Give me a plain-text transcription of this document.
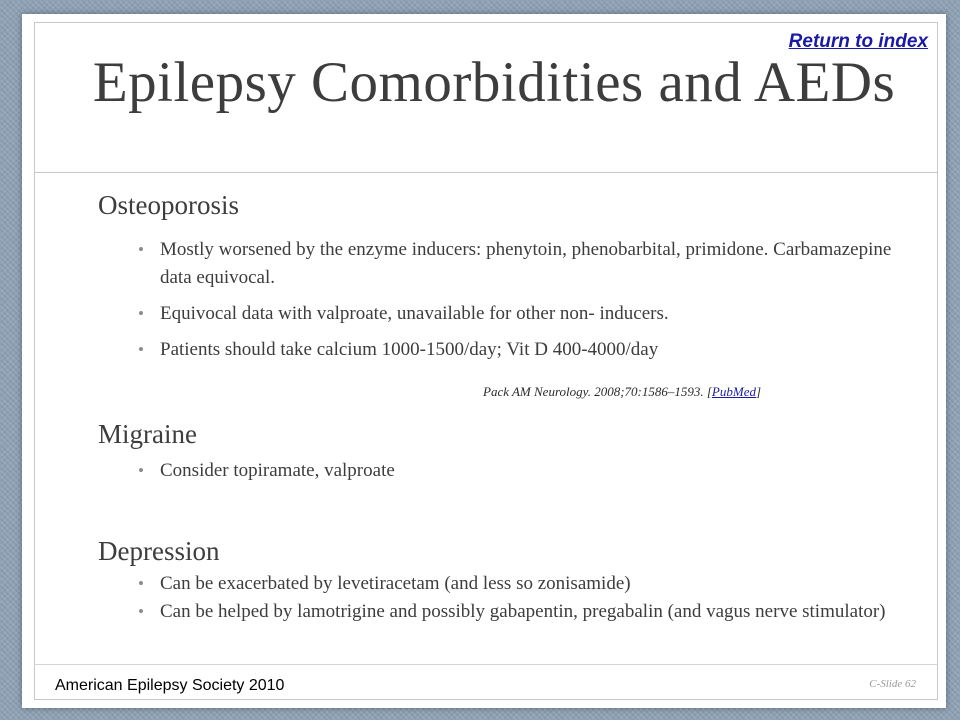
Return to index
Epilepsy Comorbidities and AEDs
Osteoporosis
• Mostly worsened by the enzyme inducers: phenytoin, phenobarbital, primidone. Carbamazepine data equivocal.
• Equivocal data with valproate, unavailable for other non- inducers.
• Patients should take calcium 1000-1500/day; Vit D 400-4000/day
Pack AM Neurology. 2008;70:1586–1593. [PubMed]
Migraine
• Consider topiramate, valproate
Depression
• Can be exacerbated by levetiracetam (and less so zonisamide)
• Can be helped by lamotrigine and possibly gabapentin, pregabalin (and vagus nerve stimulator)
American Epilepsy Society 2010	C-Slide 62
